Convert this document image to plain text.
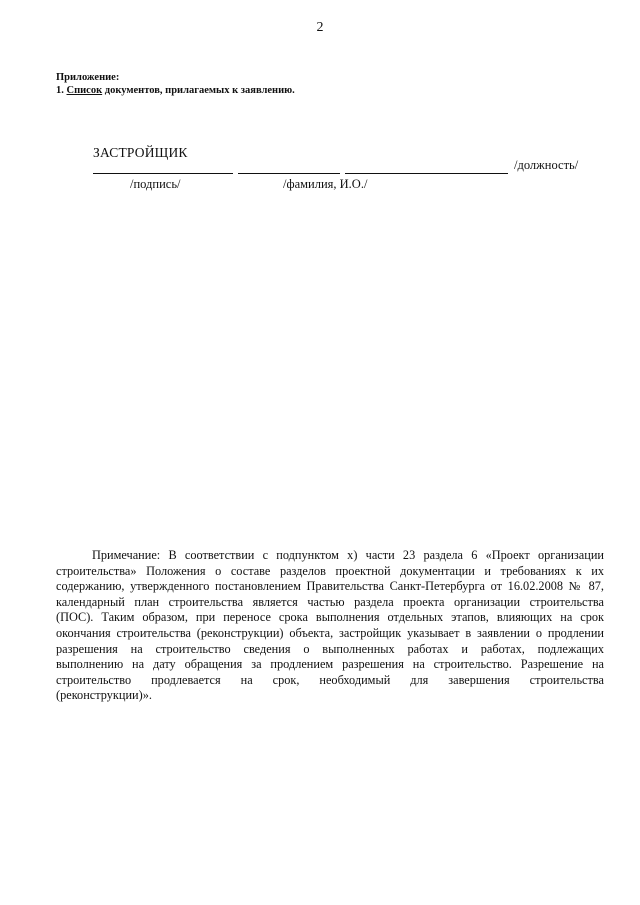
2
Приложение:
1. Список документов, прилагаемых к заявлению.
ЗАСТРОЙЩИК
/должность/
/подпись/	/фамилия, И.О./
Примечание: В соответствии с подпунктом х) части 23 раздела 6 «Проект организации
строительства» Положения о составе разделов проектной документации и требованиях к их
содержанию, утвержденного постановлением Правительства Санкт-Петербурга от 16.02.2008 № 87,
календарный план строительства является частью раздела проекта организации строительства
(ПОС). Таким образом, при переносе срока выполнения отдельных этапов, влияющих на срок
окончания строительства (реконструкции) объекта, застройщик указывает в заявлении о продлении
разрешения на строительство сведения о выполненных работах и работах, подлежащих
выполнению на дату обращения за продлением разрешения на строительство. Разрешение на
строительство продлевается на срок, необходимый для завершения строительства
(реконструкции)».
